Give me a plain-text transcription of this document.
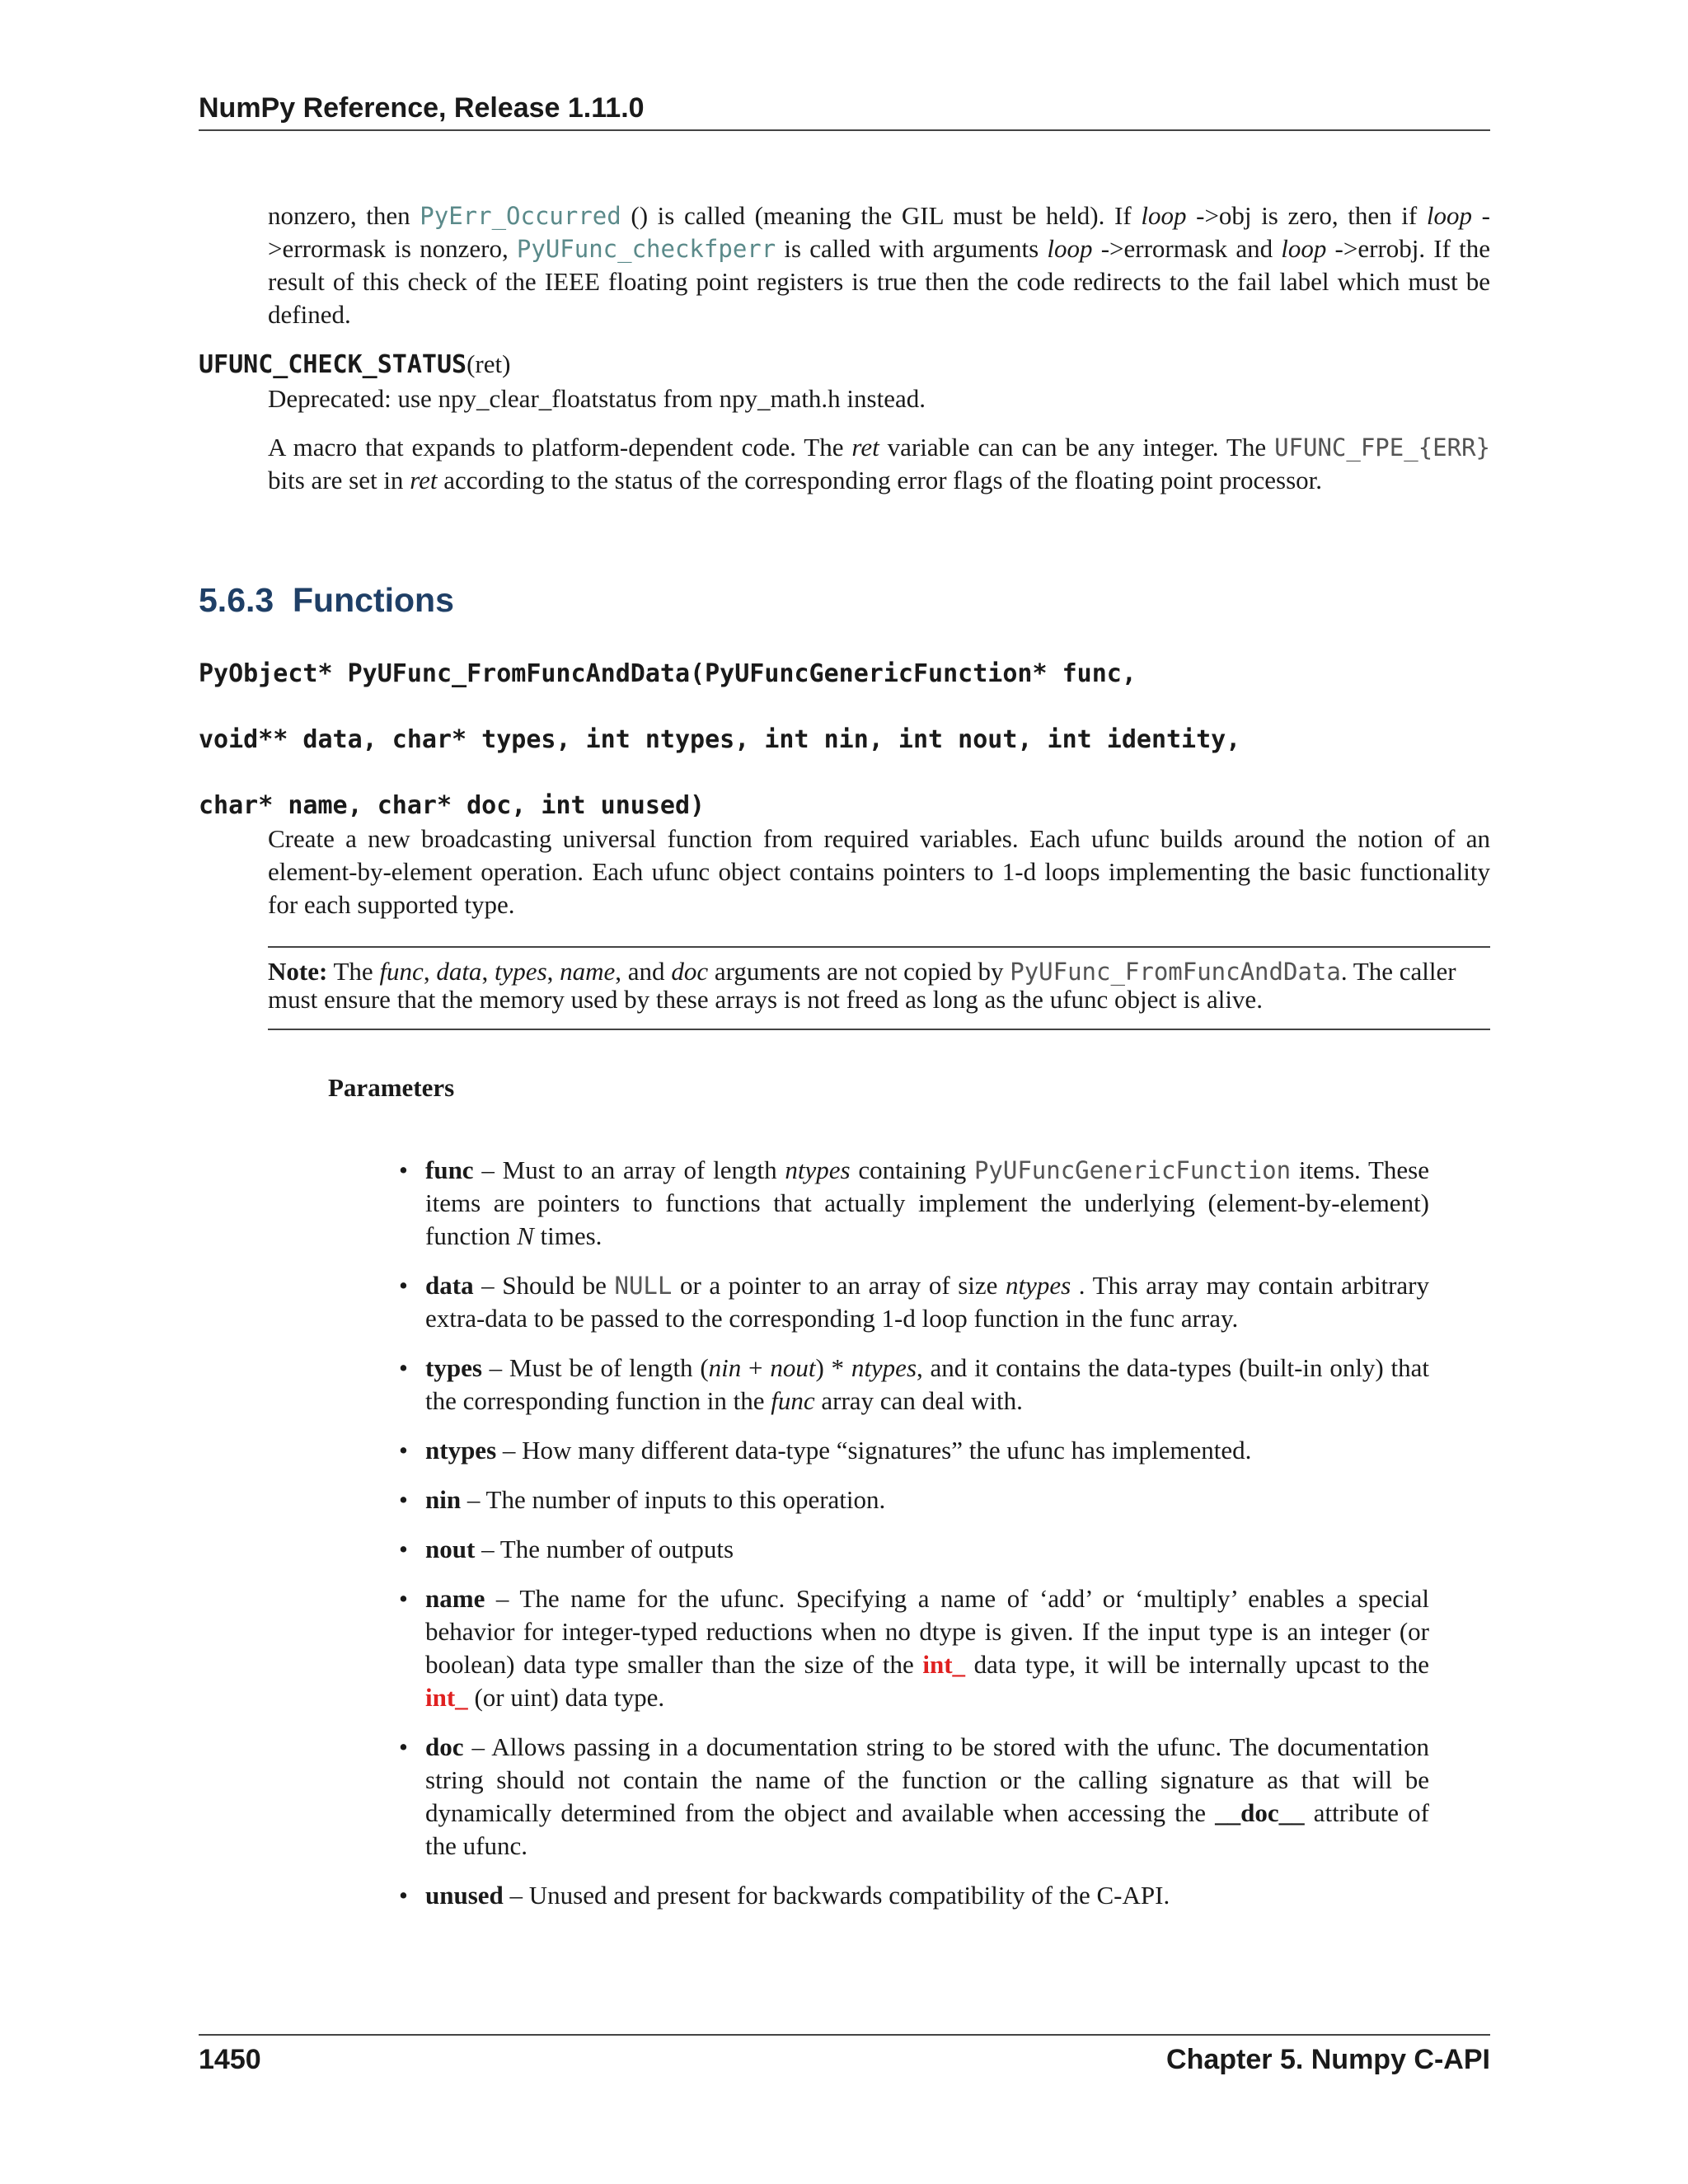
NumPy Reference, Release 1.11.0
nonzero, then PyErr_Occurred () is called (meaning the GIL must be held). If loop ->obj is zero, then if loop ->errormask is nonzero, PyUFunc_checkfperr is called with arguments loop ->errormask and loop ->errobj. If the result of this check of the IEEE floating point registers is true then the code redirects to the fail label which must be defined.
UFUNC_CHECK_STATUS(ret)
Deprecated: use npy_clear_floatstatus from npy_math.h instead.
A macro that expands to platform-dependent code. The ret variable can can be any integer. The UFUNC_FPE_{ERR} bits are set in ret according to the status of the corresponding error flags of the floating point processor.
5.6.3 Functions
PyObject* PyUFunc_FromFuncAndData(PyUFuncGenericFunction* func,
void** data, char* types, int ntypes, int nin, int nout, int identity,
char* name, char* doc, int unused)
Create a new broadcasting universal function from required variables. Each ufunc builds around the notion of an element-by-element operation. Each ufunc object contains pointers to 1-d loops implementing the basic functionality for each supported type.
Note: The func, data, types, name, and doc arguments are not copied by PyUFunc_FromFuncAndData. The caller must ensure that the memory used by these arrays is not freed as long as the ufunc object is alive.
Parameters
• func – Must to an array of length ntypes containing PyUFuncGenericFunction items. These items are pointers to functions that actually implement the underlying (element-by-element) function N times.
• data – Should be NULL or a pointer to an array of size ntypes . This array may contain arbitrary extra-data to be passed to the corresponding 1-d loop function in the func array.
• types – Must be of length (nin + nout) * ntypes, and it contains the data-types (built-in only) that the corresponding function in the func array can deal with.
• ntypes – How many different data-type “signatures” the ufunc has implemented.
• nin – The number of inputs to this operation.
• nout – The number of outputs
• name – The name for the ufunc. Specifying a name of ‘add’ or ‘multiply’ enables a special behavior for integer-typed reductions when no dtype is given. If the input type is an integer (or boolean) data type smaller than the size of the int_ data type, it will be internally upcast to the int_ (or uint) data type.
• doc – Allows passing in a documentation string to be stored with the ufunc. The documentation string should not contain the name of the function or the calling signature as that will be dynamically determined from the object and available when accessing the __doc__ attribute of the ufunc.
• unused – Unused and present for backwards compatibility of the C-API.
1450	Chapter 5. Numpy C-API
